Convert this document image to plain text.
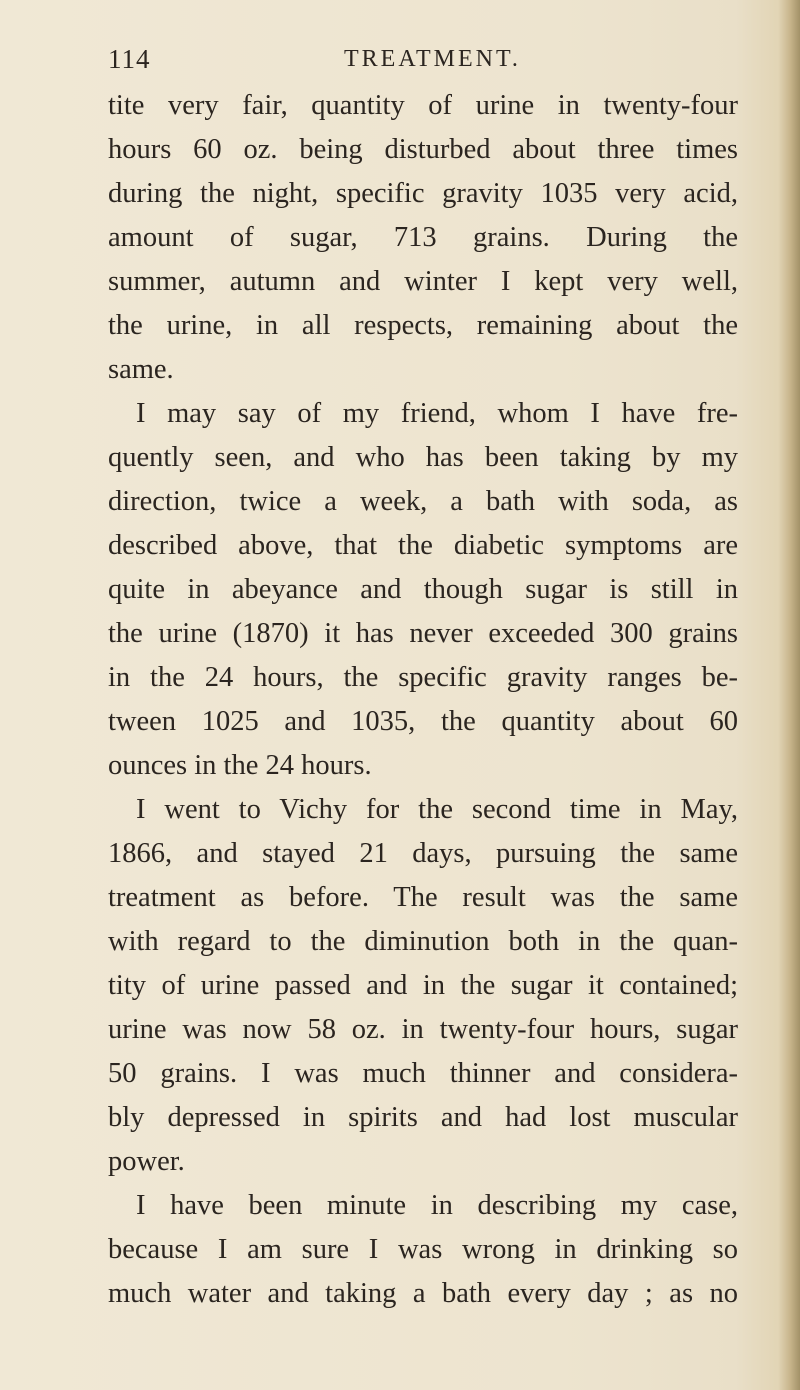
114	TREATMENT.
tite very fair, quantity of urine in twenty-four
hours 60 oz. being disturbed about three times
during the night, specific gravity 1035 very acid,
amount of sugar, 713 grains. During the
summer, autumn and winter I kept very well,
the urine, in all respects, remaining about the
same.
I may say of my friend, whom I have fre-
quently seen, and who has been taking by my
direction, twice a week, a bath with soda, as
described above, that the diabetic symptoms are
quite in abeyance and though sugar is still in
the urine (1870) it has never exceeded 300 grains
in the 24 hours, the specific gravity ranges be-
tween 1025 and 1035, the quantity about 60
ounces in the 24 hours.
I went to Vichy for the second time in May,
1866, and stayed 21 days, pursuing the same
treatment as before. The result was the same
with regard to the diminution both in the quan-
tity of urine passed and in the sugar it contained;
urine was now 58 oz. in twenty-four hours, sugar
50 grains. I was much thinner and considera-
bly depressed in spirits and had lost muscular
power.
I have been minute in describing my case,
because I am sure I was wrong in drinking so
much water and taking a bath every day ; as no
